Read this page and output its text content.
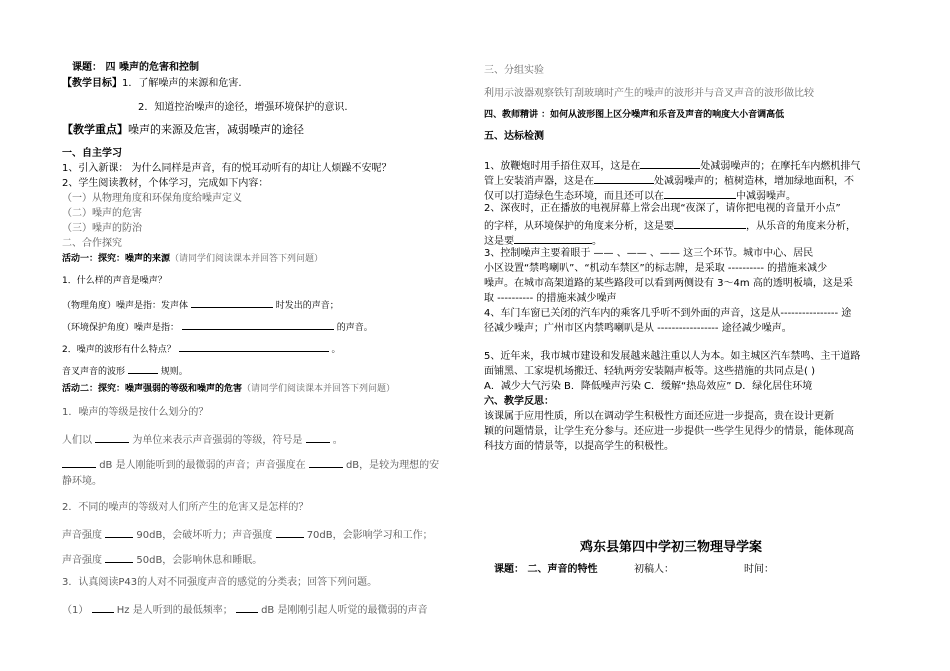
课题： 四 噪声的危害和控制
【教学目标】1．了解噪声的来源和危害.
2．知道控治噪声的途径，增强环境保护的意识.
【教学重点】噪声的来源及危害，减弱噪声的途径
一、自主学习
1、引入新课： 为什么同样是声音，有的悦耳动听有的却让人烦躁不安呢？
2、学生阅读教材，个体学习，完成如下内容：
（一）从物理角度和环保角度给噪声定义
（二）噪声的危害
（三）噪声的防治
二、合作探究
活动一：探究：噪声的来源（请同学们阅读课本并回答下列问题）
1．什么样的声音是噪声？
（物理角度）噪声是指：发声体	时发出的声音；
（环境保护角度）噪声是指：	的声音。
2．噪声的波形有什么特点？	。
音叉声音的波形	规则。
活动二：探究：噪声强弱的等级和噪声的危害（请同学们阅读课本并回答下列问题）
1．噪声的等级是按什么划分的？
人们以	为单位来表示声音强弱的等级，符号是	。
dB 是人刚能听到的最微弱的声音；声音强度在	dB，是较为理想的安
静环境。
2．不同的噪声的等级对人们所产生的危害又是怎样的？
声音强度	90dB，会破坏听力；声音强度	70dB，会影响学习和工作；
声音强度	50dB，会影响休息和睡眠。
3．认真阅读P43的人对不同强度声音的感觉的分类表；回答下列问题。
（1）	Hz 是人听到的最低频率；	dB 是刚刚引起人听觉的最微弱的声音
三、分组实验
利用示波器观察铁钉刮玻璃时产生的噪声的波形并与音叉声音的波形做比较
四、教师精讲 ：如何从波形图上区分噪声和乐音及声音的响度大小音调高低
五、达标检测
1、放鞭炮时用手捂住双耳，这是在	处减弱噪声的；在摩托车内燃机排气
管上安装消声器，这是在	处减弱噪声的；植树造林，增加绿地面积，不
仅可以打造绿色生态环境，而且还可以在	中减弱噪声。
2、深夜时，正在播放的电视屏幕上常会出现“夜深了，请你把电视的音量开小点”
的字样，从环境保护的角度来分析，这是要	，从乐音的角度来分析，
这是要	。
3、控制噪声主要着眼于 —— 、—— 、—— 这三个环节。城市中心、居民
小区设置“禁鸣喇叭”、“机动车禁区”的标志牌，是采取 ---------- 的措施来减少
噪声。在城市高架道路的某些路段可以看到两侧设有 3～4m 高的透明板墙，这是采
取 ---------- 的措施来减少噪声
4、车门车窗已关闭的汽车内的乘客几乎听不到外面的声音，这是从---------------- 途
径减少噪声；广州市区内禁鸣喇叭是从 ----------------- 途径减少噪声。
5、近年来，我市城市建设和发展越来越注重以人为本。如主城区汽车禁鸣、主干道路
面铺黑、工家堤机场搬迁、轻轨两旁安装隔声板等。这些措施的共同点是( )
A．减少大气污染 B．降低噪声污染 C．缓解“热岛效应” D．绿化居住环境
六、教学反思：
该课属于应用性质，所以在调动学生积极性方面还应进一步提高，贵在设计更新
颖的问题情景，让学生充分参与。还应进一步提供一些学生见得少的情景，能体现高
科技方面的情景等，以提高学生的积极性。
鸡东县第四中学初三物理导学案
课题： 二、声音的特性	初稿人：	时间：
